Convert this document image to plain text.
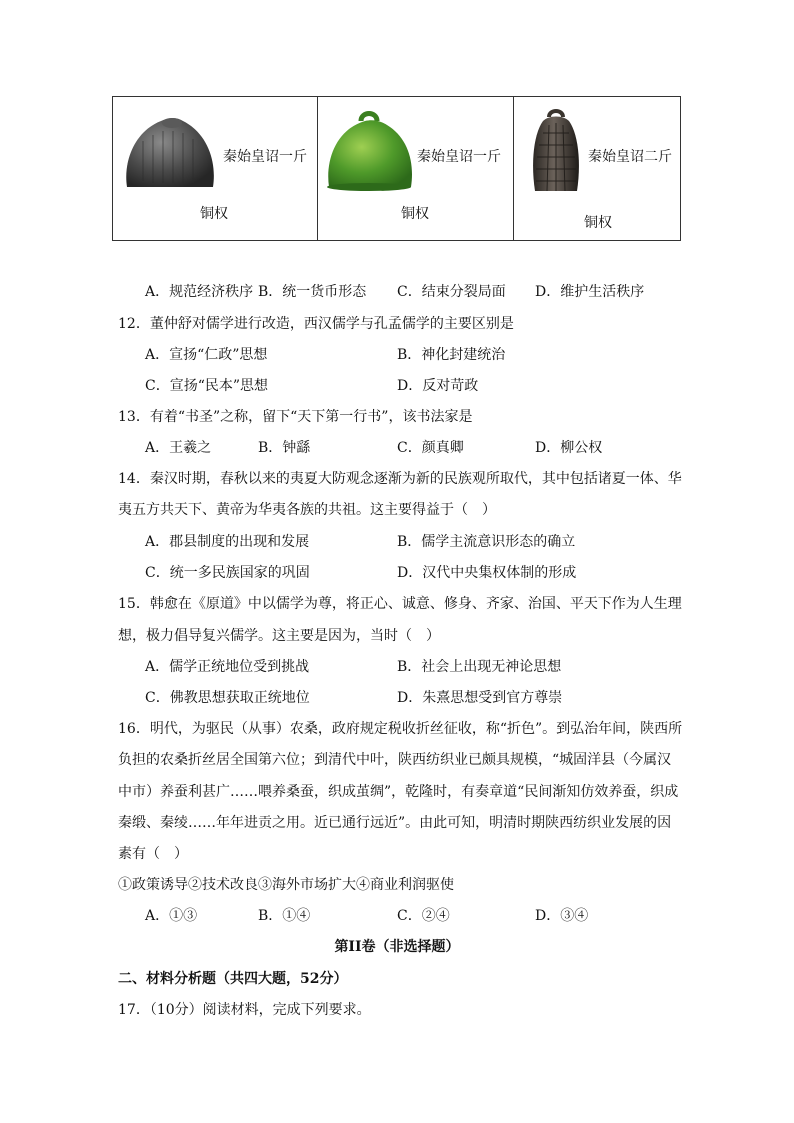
秦始皇诏一斤
铜权
秦始皇诏一斤
铜权
秦始皇诏二斤
铜权
A．规范经济秩序 B．统一货币形态 C．结束分裂局面 D．维护生活秩序
12．董仲舒对儒学进行改造，西汉儒学与孔孟儒学的主要区别是
A．宣扬“仁政”思想	B．神化封建统治
C．宣扬“民本”思想	D．反对苛政
13．有着“书圣”之称，留下“天下第一行书”，该书法家是
A．王羲之	B．钟繇	C．颜真卿	D．柳公权
14．秦汉时期，春秋以来的夷夏大防观念逐渐为新的民族观所取代，其中包括诸夏一体、华
夷五方共天下、黄帝为华夷各族的共祖。这主要得益于（　）
A．郡县制度的出现和发展	B．儒学主流意识形态的确立
C．统一多民族国家的巩固	D．汉代中央集权体制的形成
15．韩愈在《原道》中以儒学为尊，将正心、诚意、修身、齐家、治国、平天下作为人生理
想，极力倡导复兴儒学。这主要是因为，当时（　）
A．儒学正统地位受到挑战	B．社会上出现无神论思想
C．佛教思想获取正统地位	D．朱熹思想受到官方尊崇
16．明代，为驱民（从事）农桑，政府规定税收折丝征收，称“折色”。到弘治年间，陕西所
负担的农桑折丝居全国第六位；到清代中叶，陕西纺织业已颇具规模，“城固洋县（今属汉
中市）养蚕利甚广……喂养桑蚕，织成茧绸”，乾隆时，有奏章道“民间渐知仿效养蚕，织成
秦缎、秦绫……年年进贡之用。近已通行远近”。由此可知，明清时期陕西纺织业发展的因
素有（　）
①政策诱导②技术改良③海外市场扩大④商业利润驱使
A．①③	B．①④	C．②④	D．③④
第II卷（非选择题）
二、材料分析题（共四大题，52分）
17．（10分）阅读材料，完成下列要求。
